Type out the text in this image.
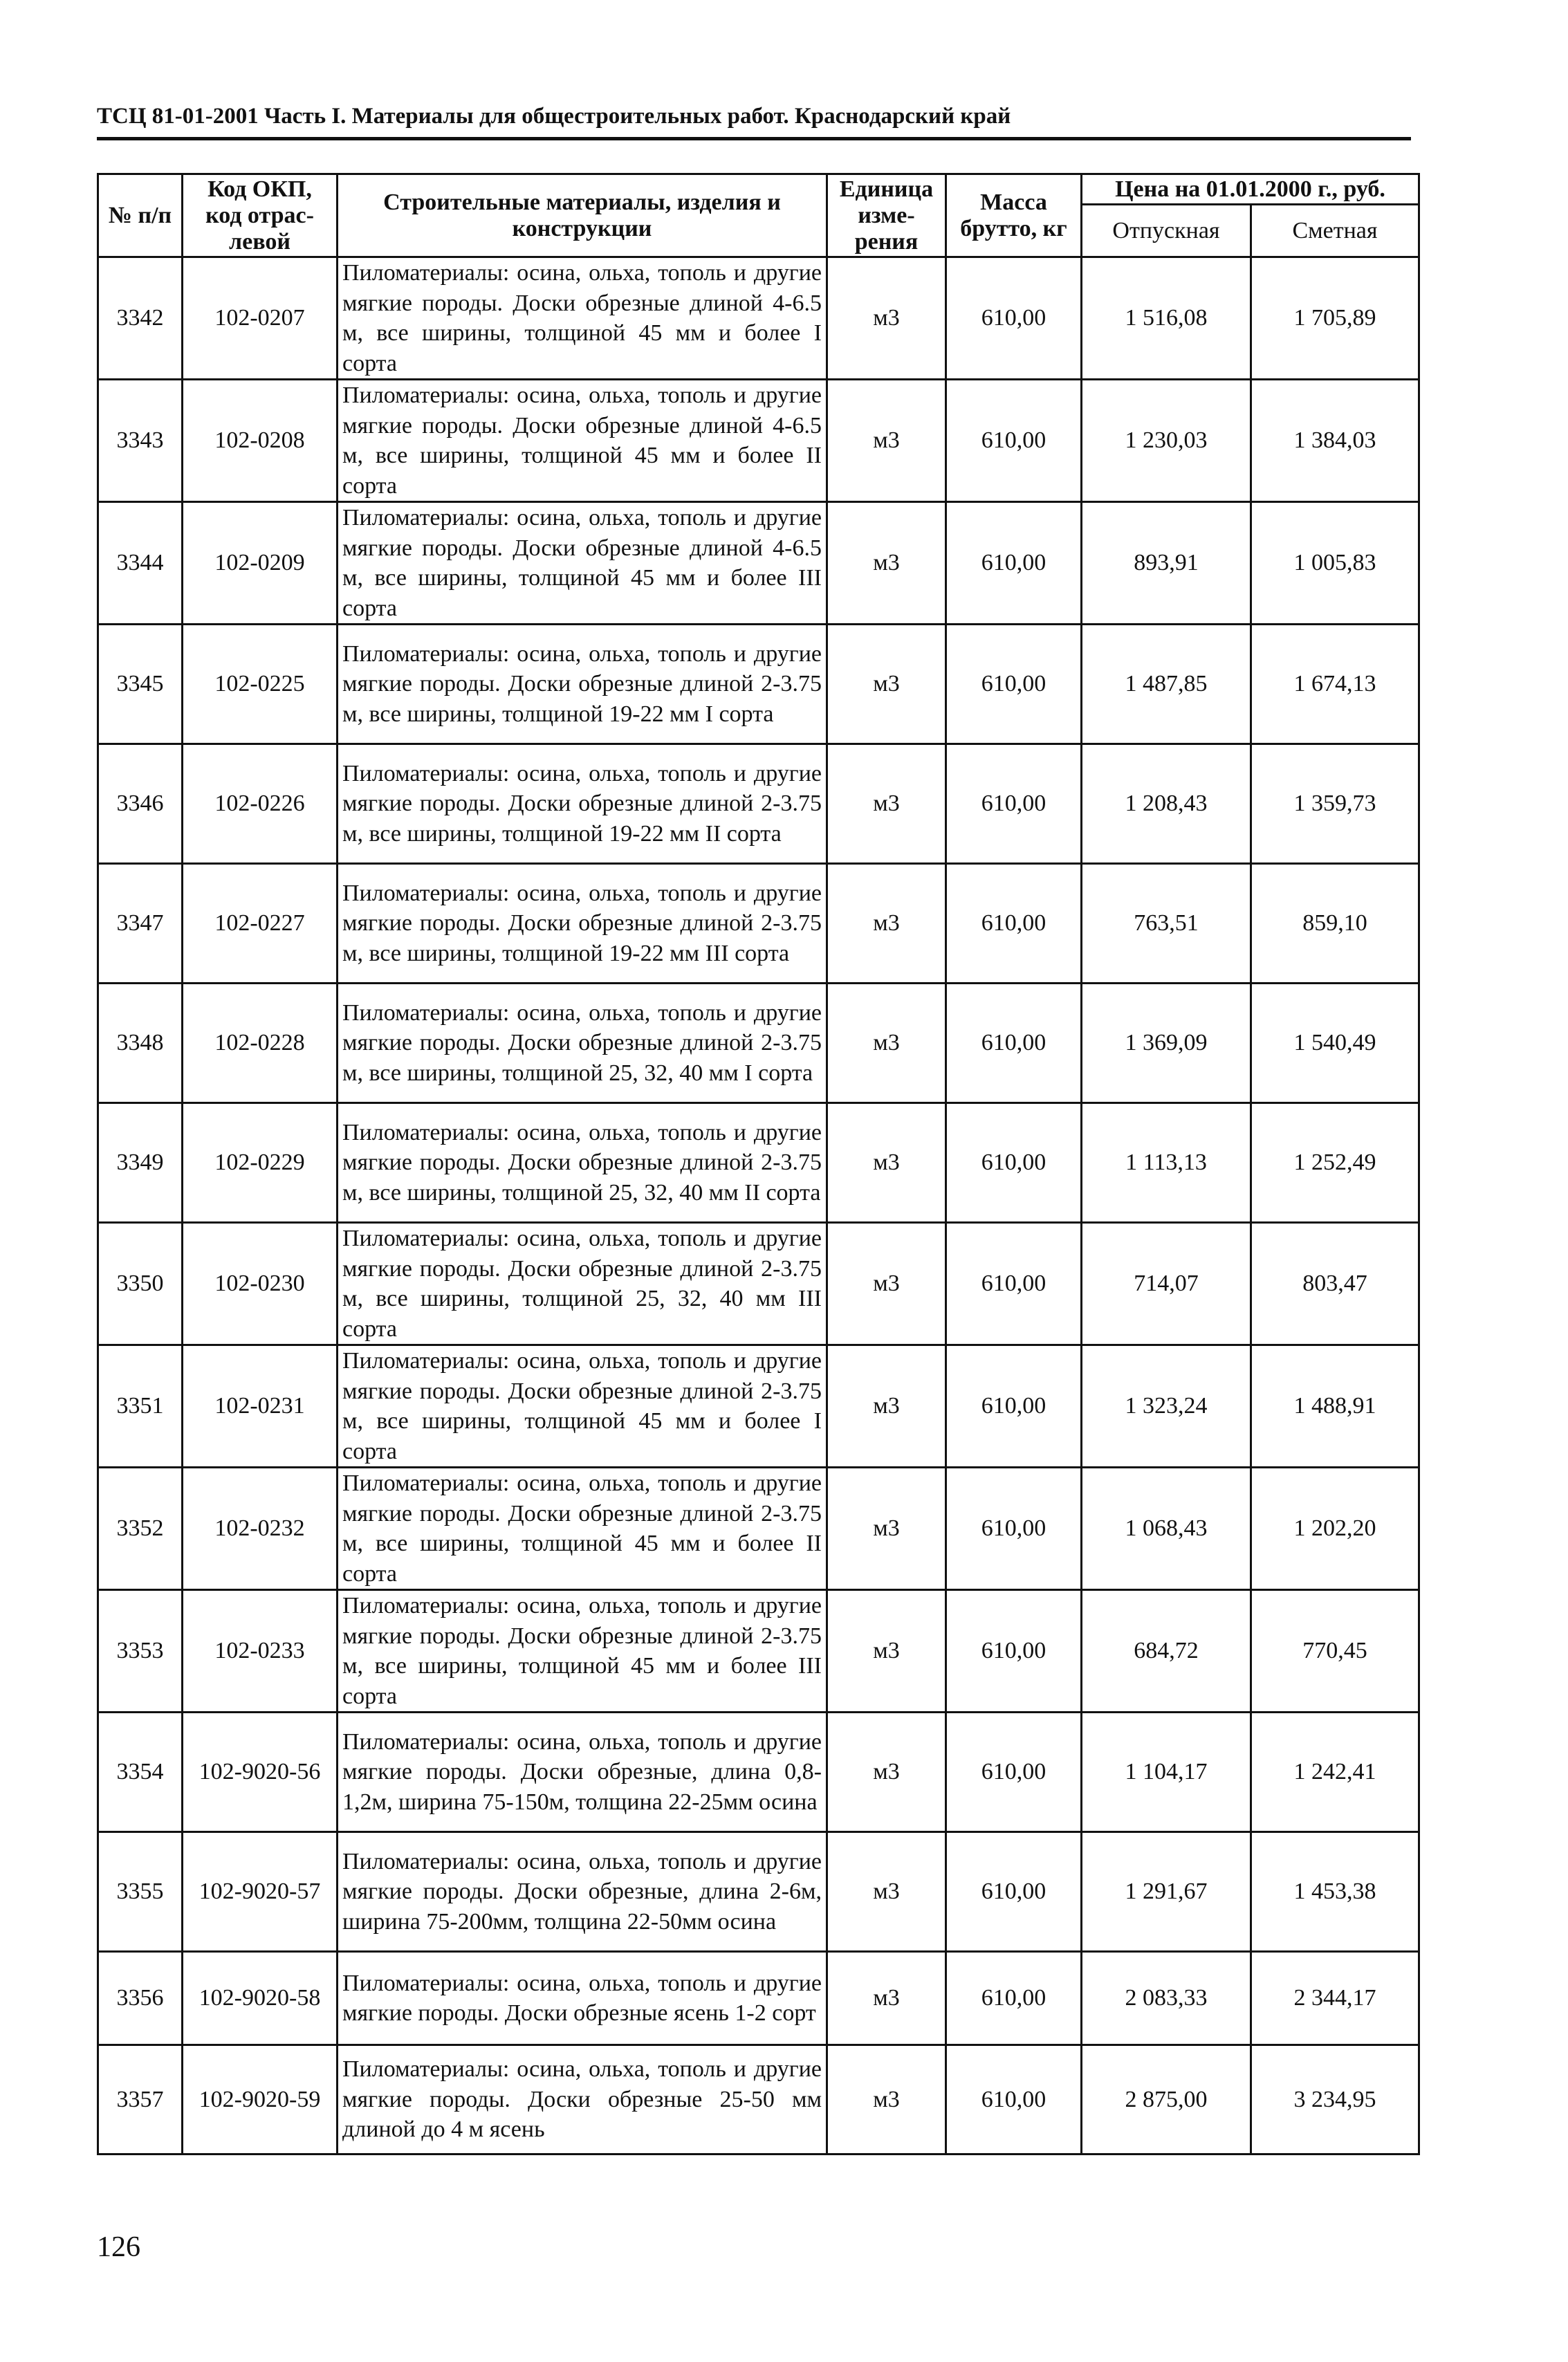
ТСЦ 81-01-2001 Часть I. Материалы для общестроительных работ. Краснодарский край
№ п/п	Код ОКП, код отрас-левой	Строительные материалы, изделия и конструкции	Единица изме-рения	Масса брутто, кг	Цена на 01.01.2000 г., руб.	
					Отпускная	Сметная
3342	102-0207	Пиломатериалы: осина, ольха, тополь и другие мягкие породы. Доски обрезные длиной 4-6.5 м, все ширины, толщиной 45 мм и более I сорта	м3	610,00	1 516,08	1 705,89
3343	102-0208	Пиломатериалы: осина, ольха, тополь и другие мягкие породы. Доски обрезные длиной 4-6.5 м, все ширины, толщиной 45 мм и более II сорта	м3	610,00	1 230,03	1 384,03
3344	102-0209	Пиломатериалы: осина, ольха, тополь и другие мягкие породы. Доски обрезные длиной 4-6.5 м, все ширины, толщиной 45 мм и более III сорта	м3	610,00	893,91	1 005,83
3345	102-0225	Пиломатериалы: осина, ольха, тополь и другие мягкие породы. Доски обрезные длиной 2-3.75 м, все ширины, толщиной 19-22 мм I сорта	м3	610,00	1 487,85	1 674,13
3346	102-0226	Пиломатериалы: осина, ольха, тополь и другие мягкие породы. Доски обрезные длиной 2-3.75 м, все ширины, толщиной 19-22 мм II сорта	м3	610,00	1 208,43	1 359,73
3347	102-0227	Пиломатериалы: осина, ольха, тополь и другие мягкие породы. Доски обрезные длиной 2-3.75 м, все ширины, толщиной 19-22 мм III сорта	м3	610,00	763,51	859,10
3348	102-0228	Пиломатериалы: осина, ольха, тополь и другие мягкие породы. Доски обрезные длиной 2-3.75 м, все ширины, толщиной 25, 32, 40 мм I сорта	м3	610,00	1 369,09	1 540,49
3349	102-0229	Пиломатериалы: осина, ольха, тополь и другие мягкие породы. Доски обрезные длиной 2-3.75 м, все ширины, толщиной 25, 32, 40 мм II сорта	м3	610,00	1 113,13	1 252,49
3350	102-0230	Пиломатериалы: осина, ольха, тополь и другие мягкие породы. Доски обрезные длиной 2-3.75 м, все ширины, толщиной 25, 32, 40 мм III сорта	м3	610,00	714,07	803,47
3351	102-0231	Пиломатериалы: осина, ольха, тополь и другие мягкие породы. Доски обрезные длиной 2-3.75 м, все ширины, толщиной 45 мм и более I сорта	м3	610,00	1 323,24	1 488,91
3352	102-0232	Пиломатериалы: осина, ольха, тополь и другие мягкие породы. Доски обрезные длиной 2-3.75 м, все ширины, толщиной 45 мм и более II сорта	м3	610,00	1 068,43	1 202,20
3353	102-0233	Пиломатериалы: осина, ольха, тополь и другие мягкие породы. Доски обрезные длиной 2-3.75 м, все ширины, толщиной 45 мм и более III сорта	м3	610,00	684,72	770,45
3354	102-9020-56	Пиломатериалы: осина, ольха, тополь и другие мягкие породы. Доски обрезные, длина 0,8-1,2м, ширина 75-150м, толщина 22-25мм осина	м3	610,00	1 104,17	1 242,41
3355	102-9020-57	Пиломатериалы: осина, ольха, тополь и другие мягкие породы. Доски обрезные, длина 2-6м, ширина 75-200мм, толщина 22-50мм осина	м3	610,00	1 291,67	1 453,38
3356	102-9020-58	Пиломатериалы: осина, ольха, тополь и другие мягкие породы. Доски обрезные ясень 1-2 сорт	м3	610,00	2 083,33	2 344,17
3357	102-9020-59	Пиломатериалы: осина, ольха, тополь и другие мягкие породы. Доски обрезные 25-50 мм длиной до 4 м ясень	м3	610,00	2 875,00	3 234,95
126
